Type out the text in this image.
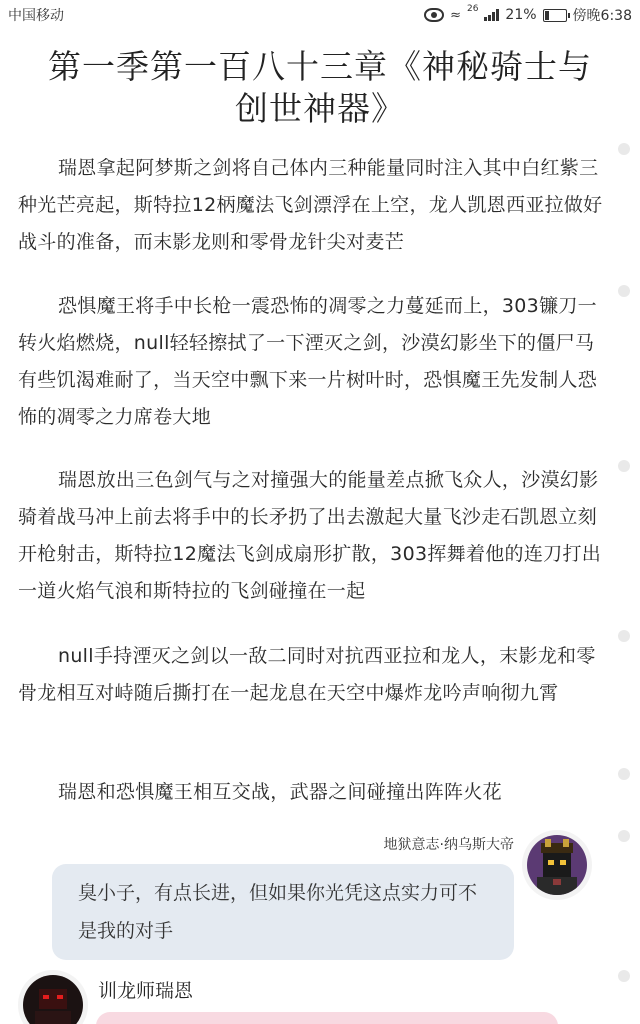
中国移动	≈ 26 21%	傍晚6:38
第一季第一百八十三章《神秘骑士与创世神器》

瑞恩拿起阿梦斯之剑将自己体内三种能量同时注入其中白红紫三种光芒亮起，斯特拉12柄魔法飞剑漂浮在上空，龙人凯恩西亚拉做好战斗的准备，而末影龙则和零骨龙针尖对麦芒

恐惧魔王将手中长枪一震恐怖的凋零之力蔓延而上，303镰刀一转火焰燃烧，null轻轻擦拭了一下湮灭之剑，沙漠幻影坐下的僵尸马有些饥渴难耐了，当天空中飘下来一片树叶时，恐惧魔王先发制人恐怖的凋零之力席卷大地

瑞恩放出三色剑气与之对撞强大的能量差点掀飞众人，沙漠幻影骑着战马冲上前去将手中的长矛扔了出去激起大量飞沙走石凯恩立刻开枪射击，斯特拉12魔法飞剑成扇形扩散，303挥舞着他的连刀打出一道火焰气浪和斯特拉的飞剑碰撞在一起

null手持湮灭之剑以一敌二同时对抗西亚拉和龙人，末影龙和零骨龙相互对峙随后撕打在一起龙息在天空中爆炸龙吟声响彻九霄

瑞恩和恐惧魔王相互交战，武器之间碰撞出阵阵火花

地狱意志·纳乌斯大帝
臭小子，有点长进，但如果你光凭这点实力可不是我的对手
训龙师瑞恩
